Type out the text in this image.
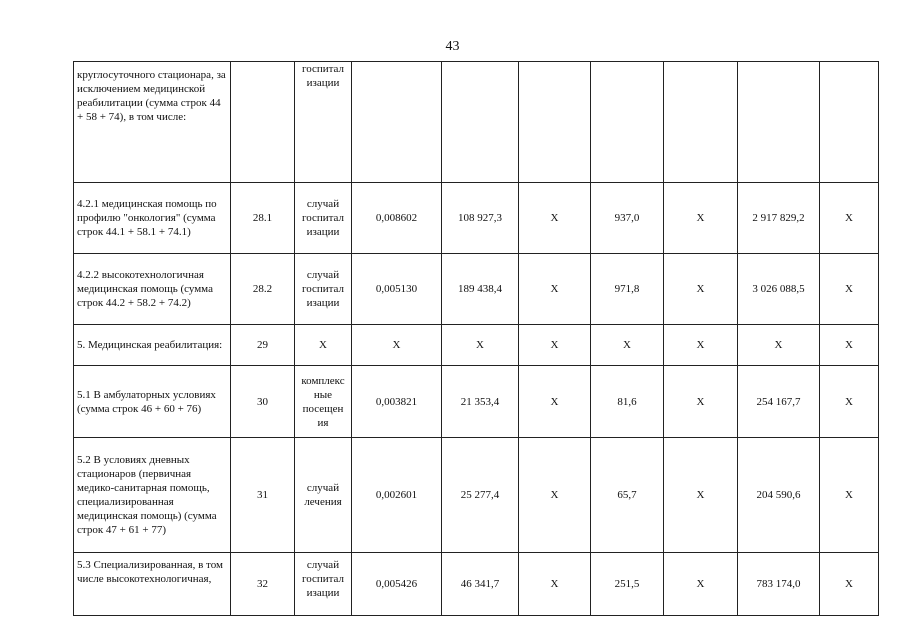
43
круглосуточного стационара, за исключением медицинской реабилитации (сумма строк 44 + 58 + 74), в том числе:		госпитал изации							
4.2.1 медицинская помощь по профилю "онкология" (сумма строк 44.1 + 58.1 + 74.1)	28.1	случай госпитал изации	0,008602	108 927,3	Х	937,0	Х	2 917 829,2	Х
4.2.2 высокотехнологичная медицинская помощь (сумма строк 44.2 + 58.2 + 74.2)	28.2	случай госпитал изации	0,005130	189 438,4	Х	971,8	Х	3 026 088,5	Х
5. Медицинская реабилитация:	29	Х	Х	Х	Х	Х	Х	Х	Х
5.1 В амбулаторных условиях (сумма строк 46 + 60 + 76)	30	комплекс ные посещен ия	0,003821	21 353,4	Х	81,6	Х	254 167,7	Х
5.2 В условиях дневных стационаров (первичная медико-санитарная помощь, специализированная медицинская помощь) (сумма строк 47 + 61 + 77)	31	случай лечения	0,002601	25 277,4	Х	65,7	Х	204 590,6	Х
5.3 Специализированная, в том числе высокотехнологичная,	32	случай госпитал изации	0,005426	46 341,7	Х	251,5	Х	783 174,0	Х
